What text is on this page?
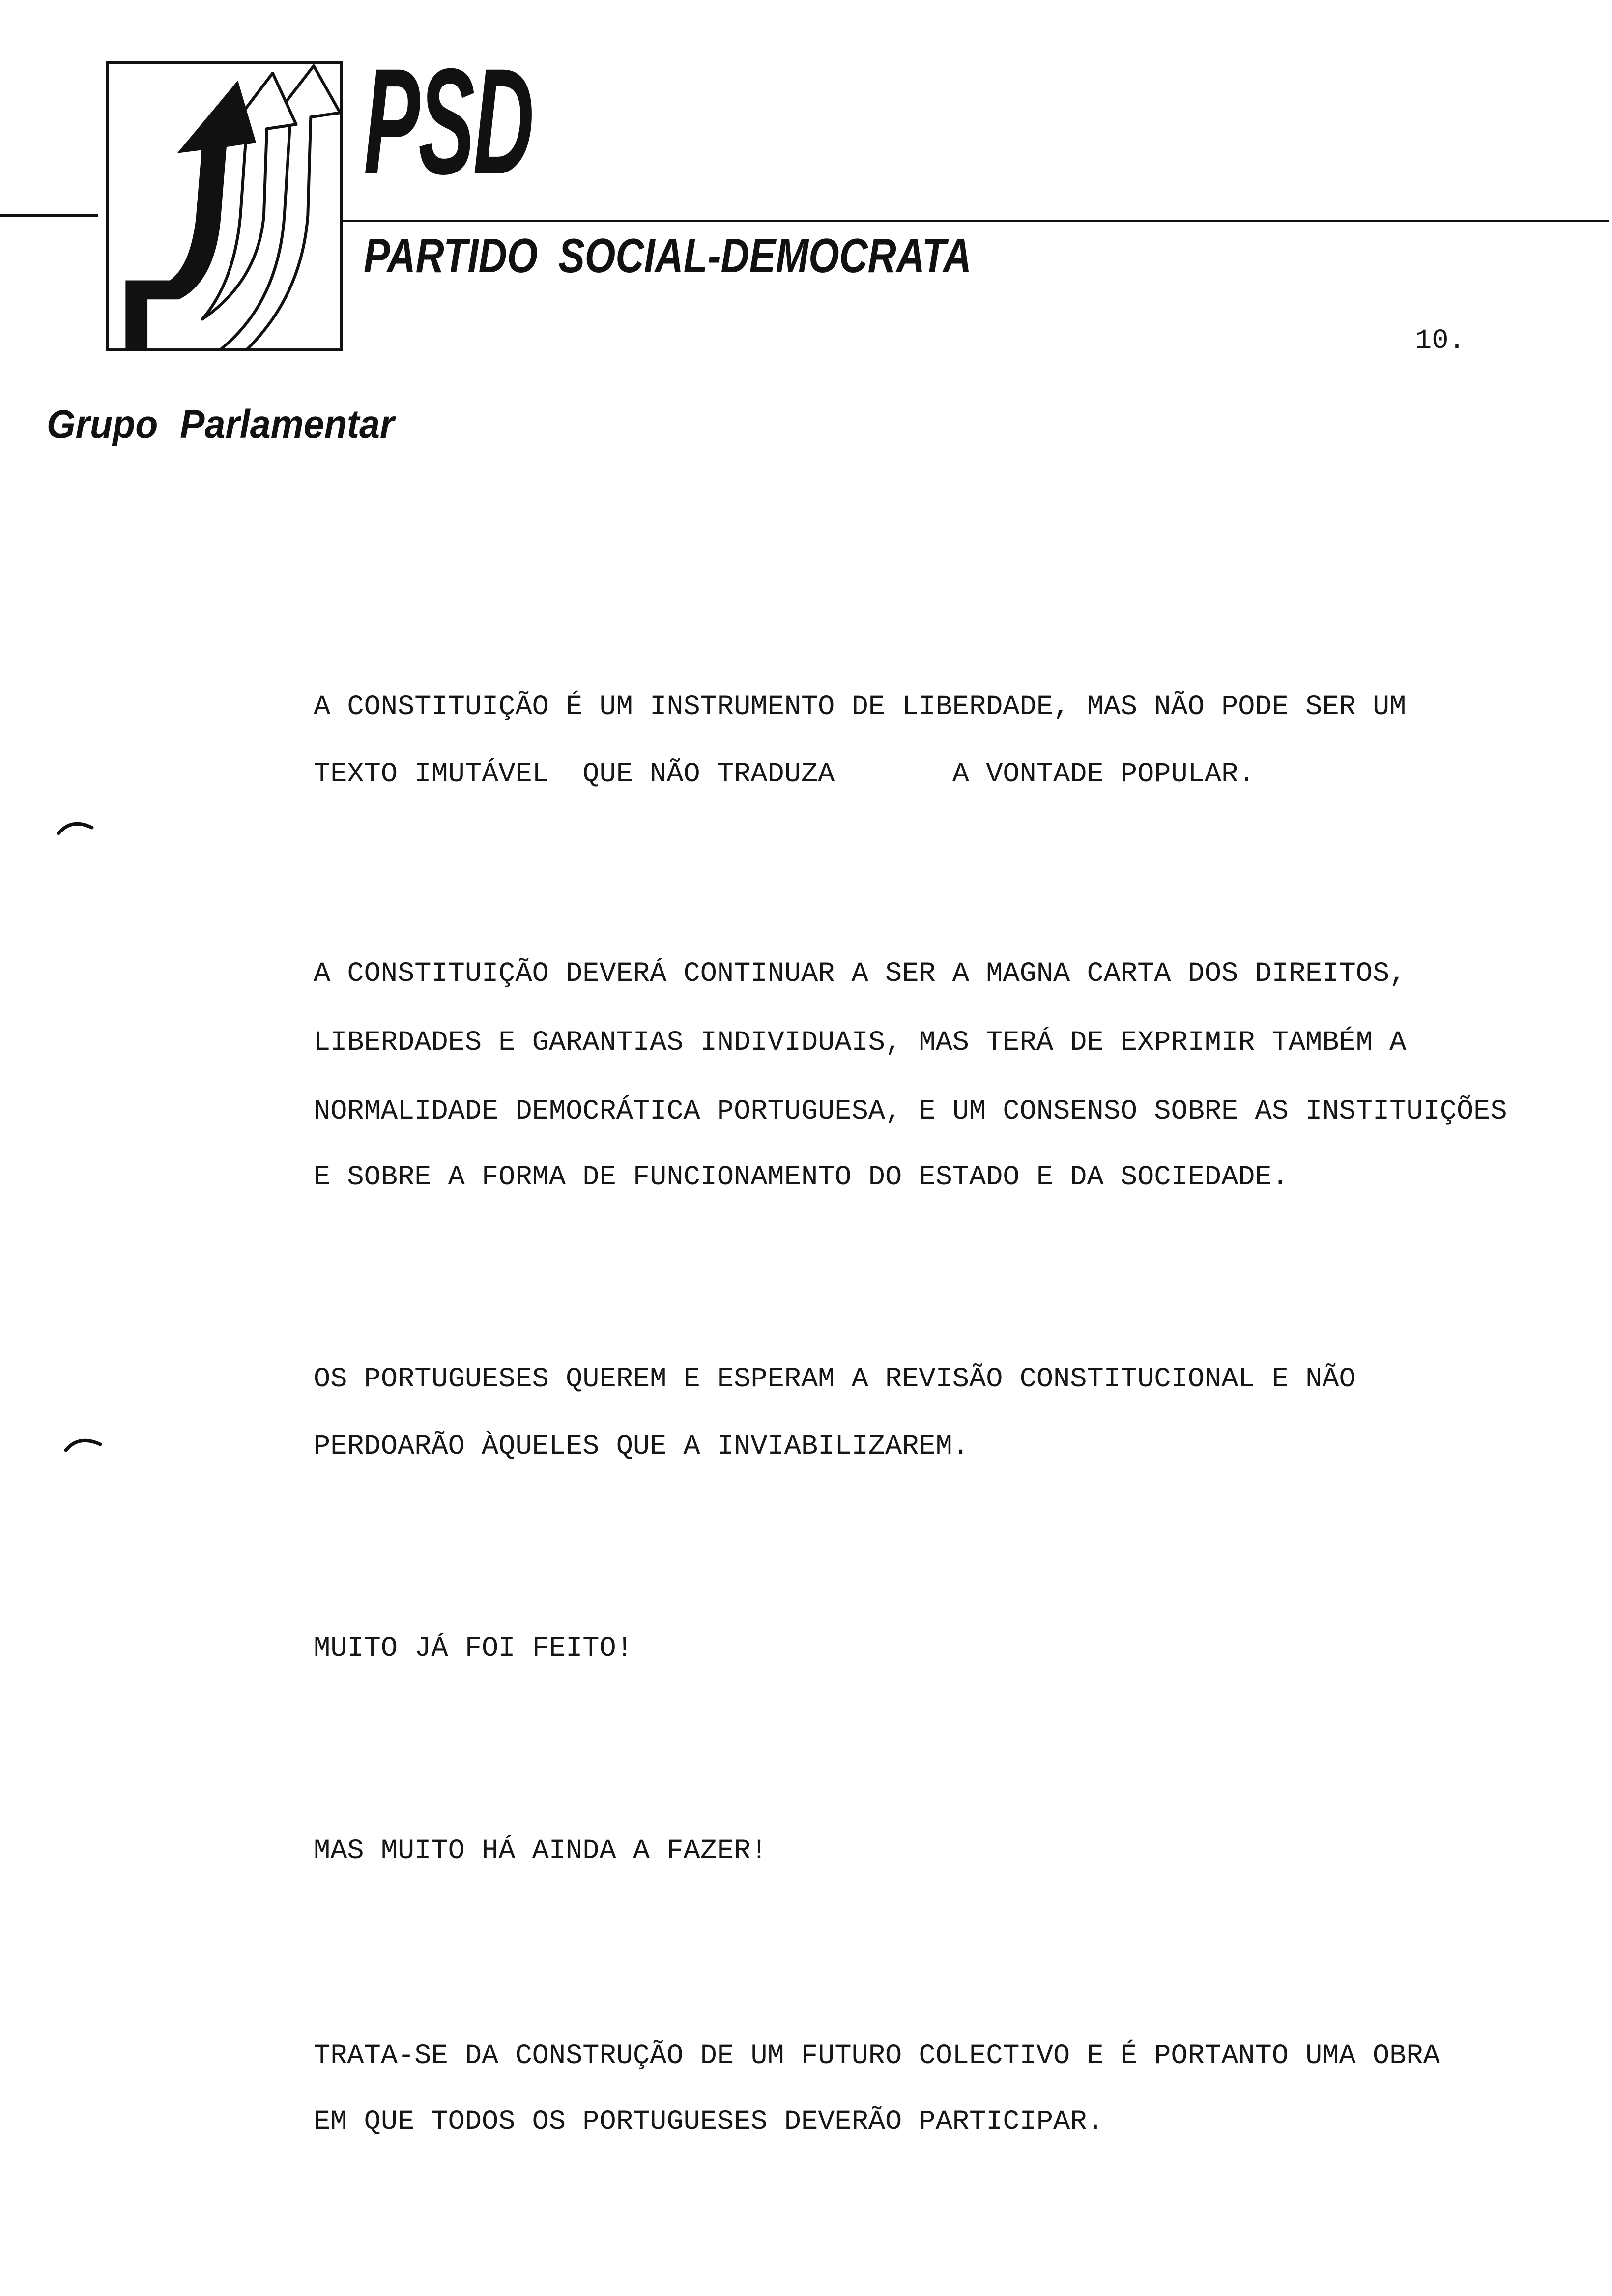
PSD
PARTIDO SOCIAL-DEMOCRATA
10.
Grupo Parlamentar
A CONSTITUIÇÃO É UM INSTRUMENTO DE LIBERDADE, MAS NÃO PODE SER UM
TEXTO IMUTÁVEL  QUE NÃO TRADUZA       A VONTADE POPULAR.
A CONSTITUIÇÃO DEVERÁ CONTINUAR A SER A MAGNA CARTA DOS DIREITOS,
LIBERDADES E GARANTIAS INDIVIDUAIS, MAS TERÁ DE EXPRIMIR TAMBÉM A
NORMALIDADE DEMOCRÁTICA PORTUGUESA, E UM CONSENSO SOBRE AS INSTITUIÇÕES
E SOBRE A FORMA DE FUNCIONAMENTO DO ESTADO E DA SOCIEDADE.
OS PORTUGUESES QUEREM E ESPERAM A REVISÃO CONSTITUCIONAL E NÃO
PERDOARÃO ÀQUELES QUE A INVIABILIZAREM.
MUITO JÁ FOI FEITO!
MAS MUITO HÁ AINDA A FAZER!
TRATA-SE DA CONSTRUÇÃO DE UM FUTURO COLECTIVO E É PORTANTO UMA OBRA
EM QUE TODOS OS PORTUGUESES DEVERÃO PARTICIPAR.
